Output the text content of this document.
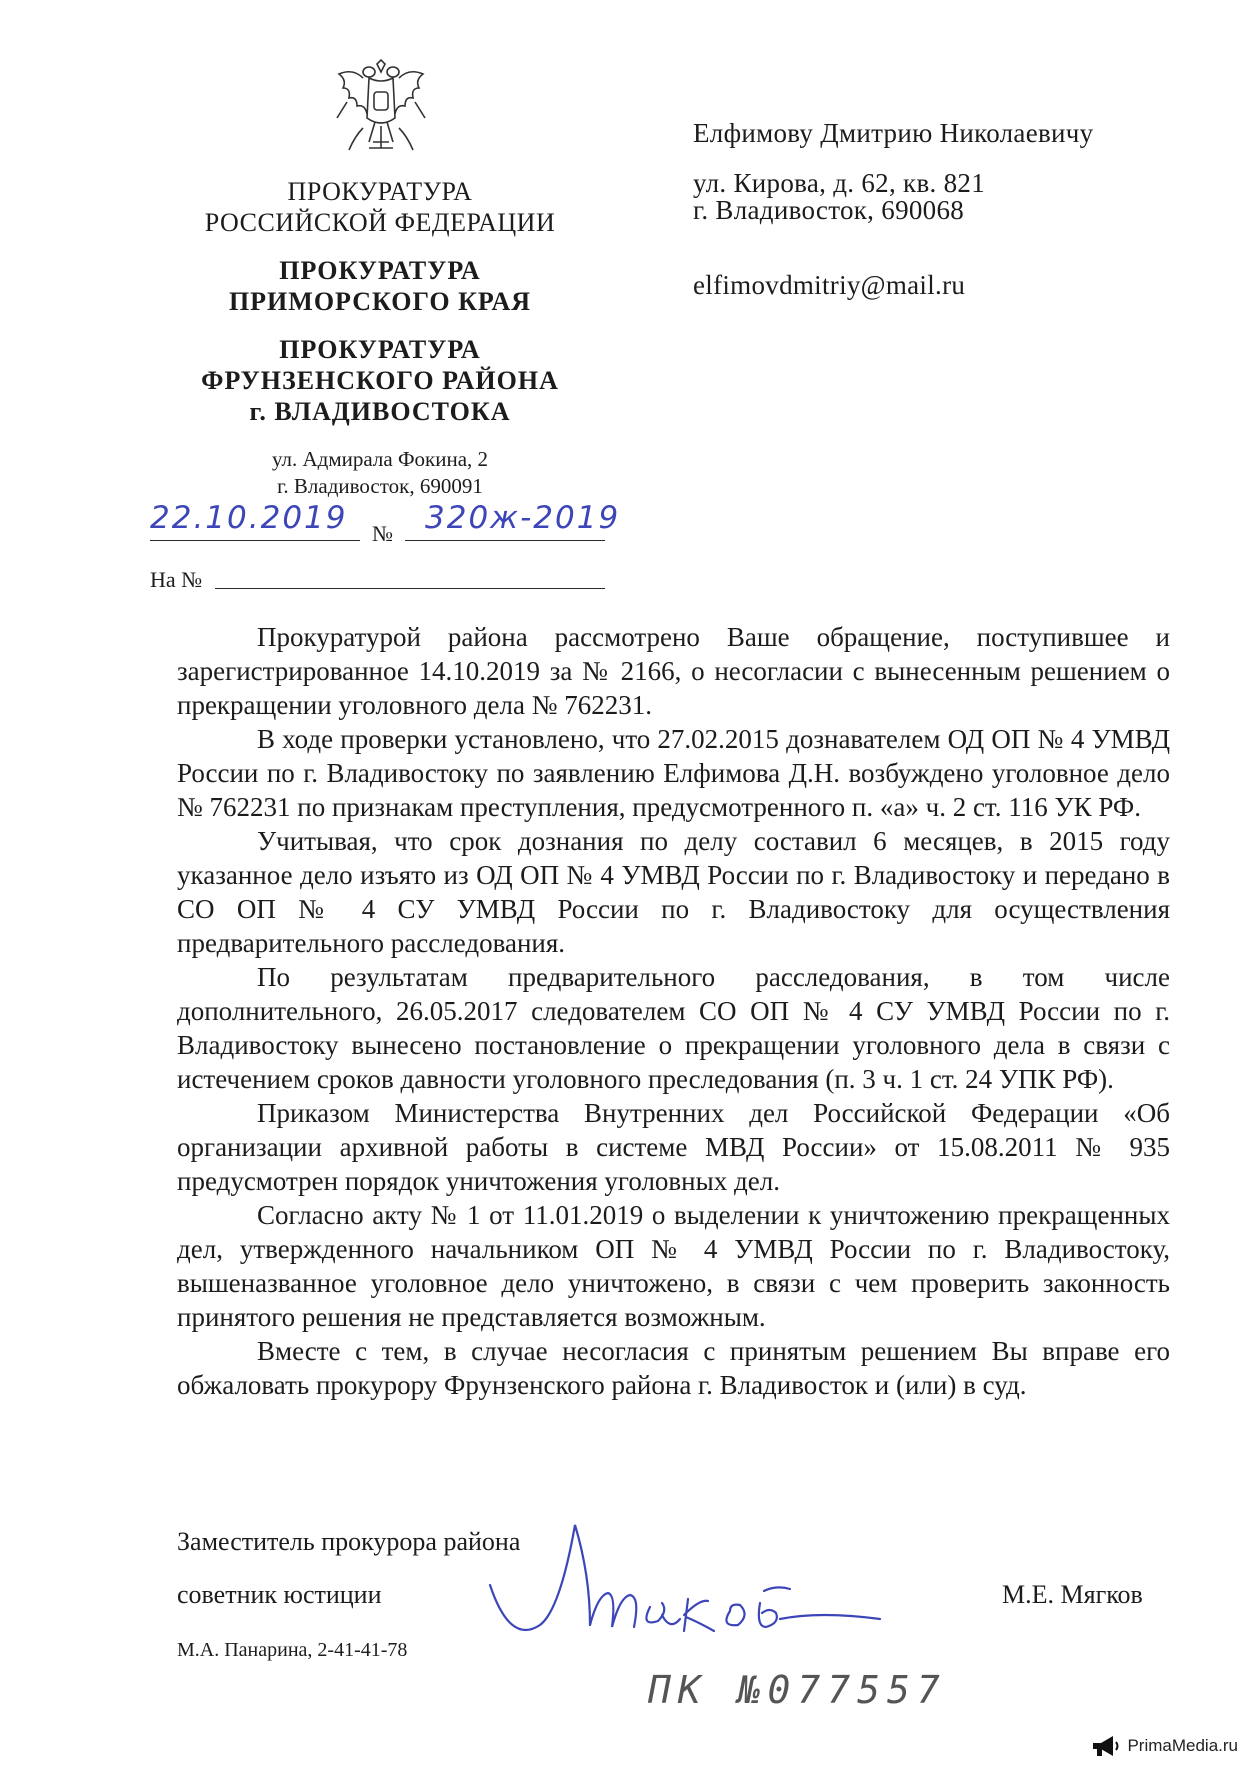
ПРОКУРАТУРА
РОССИЙСКОЙ ФЕДЕРАЦИИ
ПРОКУРАТУРА
ПРИМОРСКОГО КРАЯ
ПРОКУРАТУРА
ФРУНЗЕНСКОГО РАЙОНА
г. ВЛАДИВОСТОКА
ул. Адмирала Фокина, 2
г. Владивосток, 690091
22.10.2019 № 320ж-2019
На №
Елфимову Дмитрию Николаевичу
ул. Кирова, д. 62, кв. 821
г. Владивосток, 690068
elfimovdmitriy@mail.ru

Прокуратурой района рассмотрено Ваше обращение, поступившее и зарегистрированное 14.10.2019 за № 2166, о несогласии с вынесенным решением о прекращении уголовного дела № 762231.

В ходе проверки установлено, что 27.02.2015 дознавателем ОД ОП № 4 УМВД России по г. Владивостоку по заявлению Елфимова Д.Н. возбуждено уголовное дело № 762231 по признакам преступления, предусмотренного п. «а» ч. 2 ст. 116 УК РФ.

Учитывая, что срок дознания по делу составил 6 месяцев, в 2015 году указанное дело изъято из ОД ОП № 4 УМВД России по г. Владивостоку и передано в СО ОП № 4 СУ УМВД России по г. Владивостоку для осуществления предварительного расследования.

По результатам предварительного расследования, в том числе дополнительного, 26.05.2017 следователем СО ОП № 4 СУ УМВД России по г. Владивостоку вынесено постановление о прекращении уголовного дела в связи с истечением сроков давности уголовного преследования (п. 3 ч. 1 ст. 24 УПК РФ).

Приказом Министерства Внутренних дел Российской Федерации «Об организации архивной работы в системе МВД России» от 15.08.2011 № 935 предусмотрен порядок уничтожения уголовных дел.

Согласно акту № 1 от 11.01.2019 о выделении к уничтожению прекращенных дел, утвержденного начальником ОП № 4 УМВД России по г. Владивостоку, вышеназванное уголовное дело уничтожено, в связи с чем проверить законность принятого решения не представляется возможным.

Вместе с тем, в случае несогласия с принятым решением Вы вправе его обжаловать прокурору Фрунзенского района г. Владивосток и (или) в суд.

Заместитель прокурора района
советник юстиции	М.Е. Мягков
М.А. Панарина, 2-41-41-78
Мягков
ПК №077557
PrimaMedia.ru
